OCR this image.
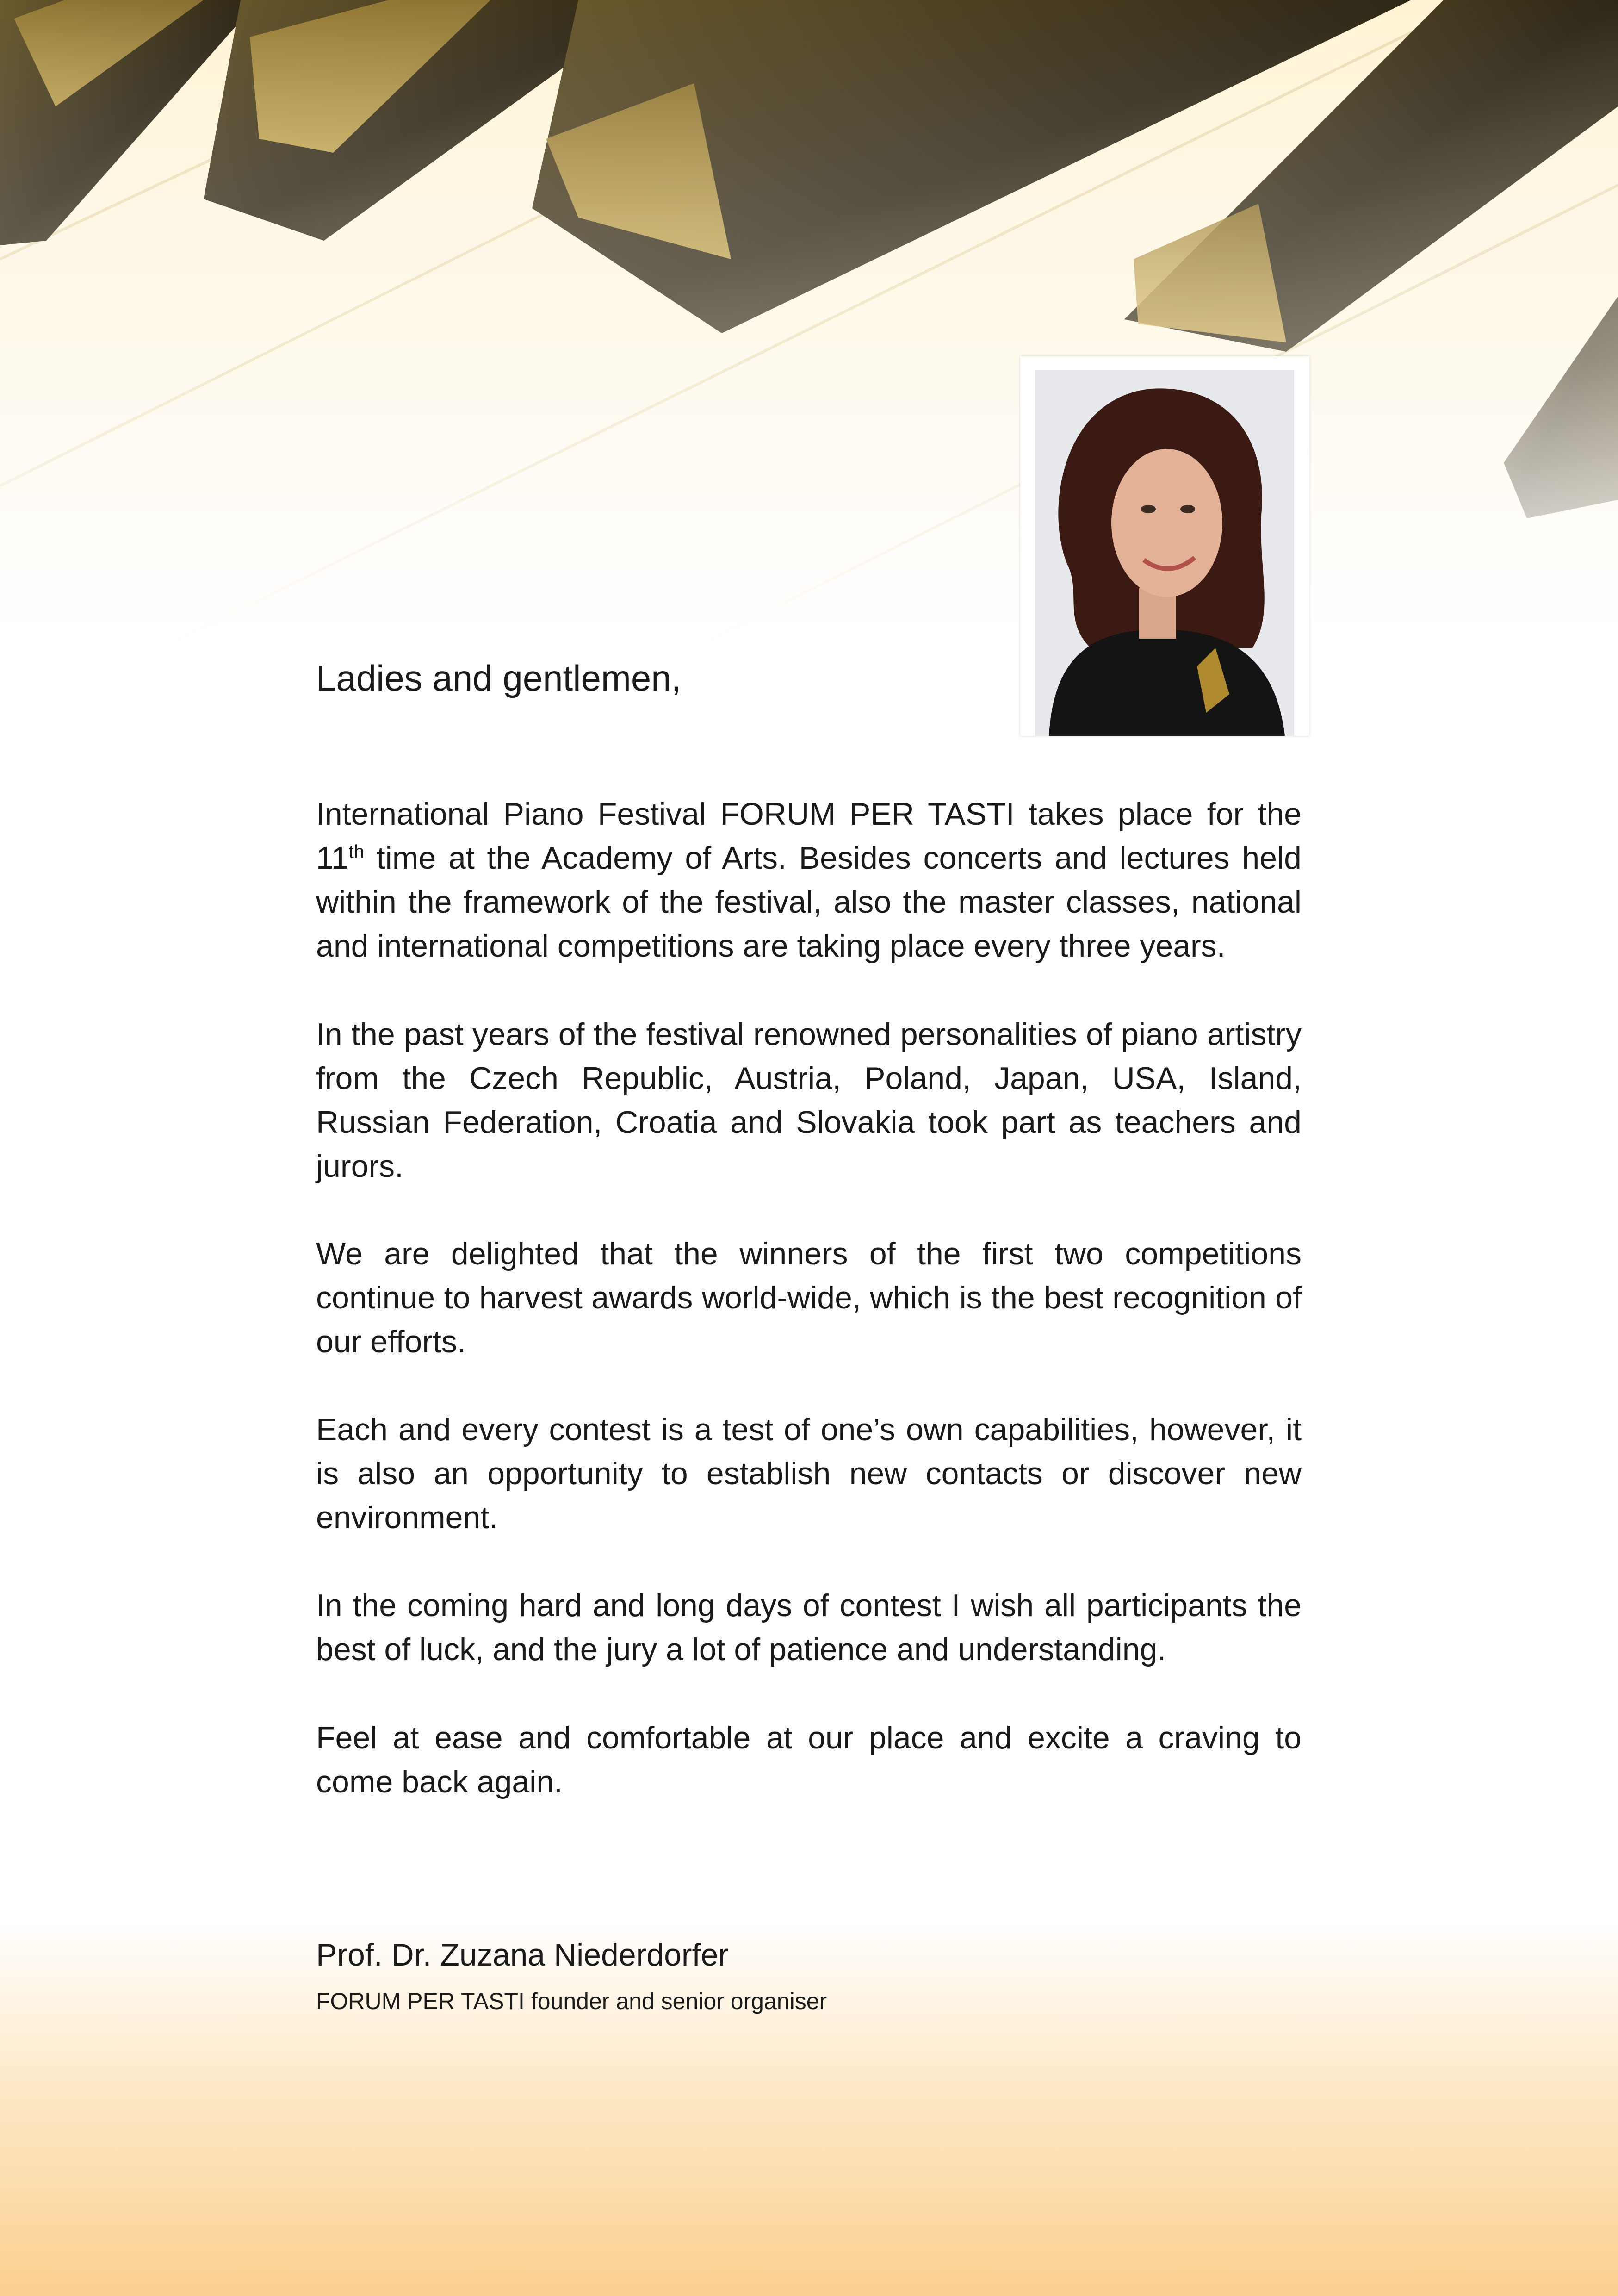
Ladies and gentlemen,

International Piano Festival FORUM PER TASTI takes place for the 11th time at the Academy of Arts. Besides concerts and lectures held within the framework of the festival, also the master classes, national and international competitions are taking place every three years.

In the past years of the festival renowned personalities of piano artistry from the Czech Republic, Austria, Poland, Japan, USA, Island, Russian Federation, Croatia and Slovakia took part as teachers and jurors.

We are delighted that the winners of the first two competitions continue to harvest awards world-wide, which is the best recognition of our efforts.

Each and every contest is a test of one’s own capabilities, however, it is also an opportunity to establish new contacts or discover new environment.

In the coming hard and long days of contest I wish all participants the best of luck, and the jury a lot of patience and understanding.

Feel at ease and comfortable at our place and excite a craving to come back again.

Prof. Dr. Zuzana Niederdorfer
FORUM PER TASTI founder and senior organiser
